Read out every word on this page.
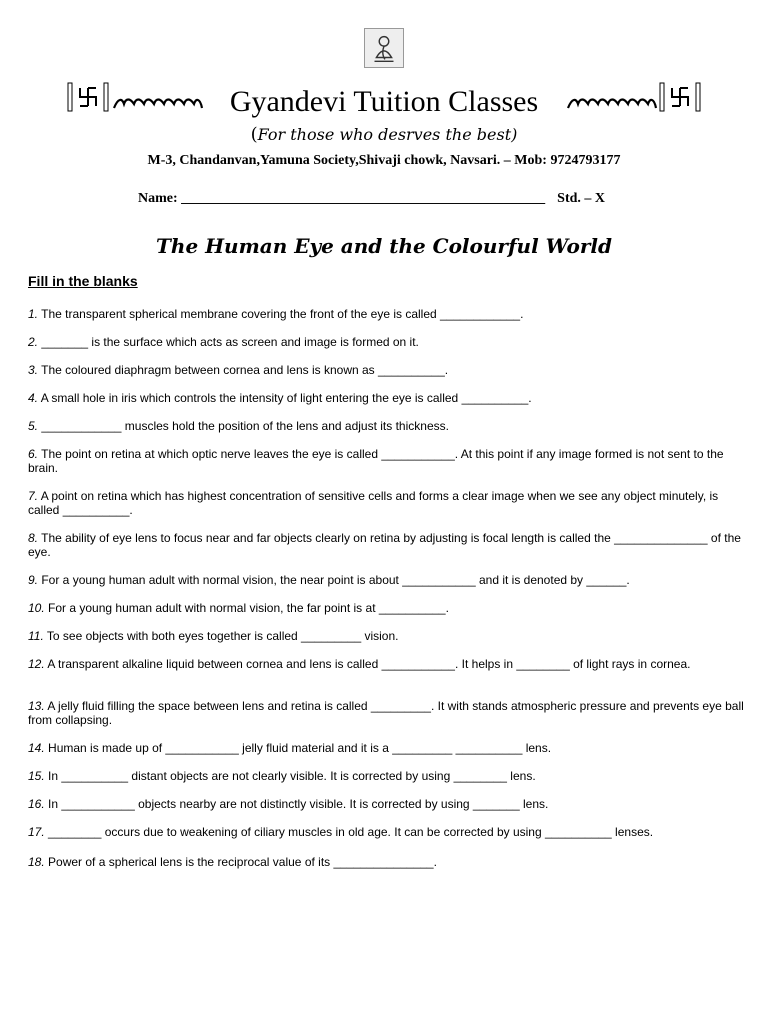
Gyandevi Tuition Classes
(For those who desrves the best)
M-3, Chandanvan,Yamuna Society,Shivaji chowk, Navsari. – Mob: 9724793177
Name: ____________________________________________________ Std. – X
The Human Eye and the Colourful World
Fill in the blanks
1. The transparent spherical membrane covering the front of the eye is called ____________.
2. _______ is the surface which acts as screen and image is formed on it.
3. The coloured diaphragm between cornea and lens is known as __________.
4. A small hole in iris which controls the intensity of light entering the eye is called __________.
5. ____________ muscles hold the position of the lens and adjust its thickness.
6. The point on retina at which optic nerve leaves the eye is called ___________. At this point if any image formed is not sent to the brain.
7. A point on retina which has highest concentration of sensitive cells and forms a clear image when we see any object minutely, is called __________.
8. The ability of eye lens to focus near and far objects clearly on retina by adjusting is focal length is called the ______________ of the eye.
9. For a young human adult with normal vision, the near point is about ___________ and it is denoted by ______.
10. For a young human adult with normal vision, the far point is at __________.
11. To see objects with both eyes together is called _________ vision.
12. A transparent alkaline liquid between cornea and lens is called ___________. It helps in ________ of light rays in cornea.
13. A jelly fluid filling the space between lens and retina is called _________. It with stands atmospheric pressure and prevents eye ball from collapsing.
14. Human is made up of ___________ jelly fluid material and it is a _________ __________ lens.
15. In __________ distant objects are not clearly visible. It is corrected by using ________ lens.
16. In ___________ objects nearby are not distinctly visible. It is corrected by using _______ lens.
17. ________ occurs due to weakening of ciliary muscles in old age. It can be corrected by using __________ lenses.
18. Power of a spherical lens is the reciprocal value of its _______________.
